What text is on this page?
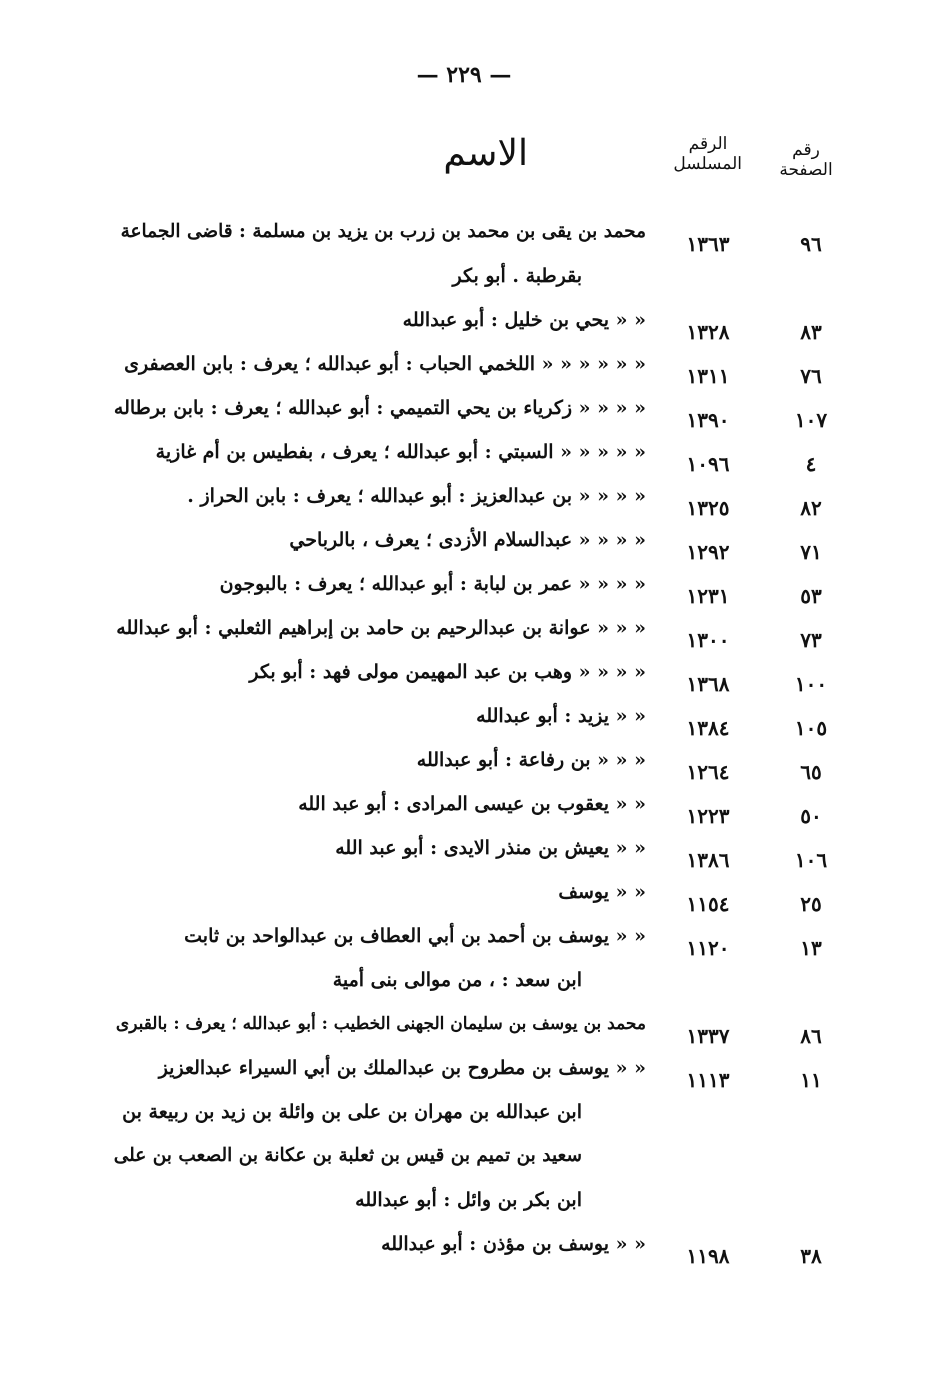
— ٢٢٩ —
رقم الصفحة
الرقم المسلسل
الاسم
٩٦
١٣٦٣
محمد بن يقى بن محمد بن زرب بن يزيد بن مسلمة : قاضى الجماعة
بقرطبة . أبو بكر
٨٣
١٣٢٨
« « يحي بن خليل : أبو عبدالله
٧٦
١٣١١
« « « « « « اللخمي الحباب : أبو عبدالله ؛ يعرف : بابن العصفرى
١٠٧
١٣٩٠
« « « « زكرياء بن يحي التميمي : أبو عبدالله ؛ يعرف : بابن برطاله
٤
١٠٩٦
« « « « « السبتي : أبو عبدالله ؛ يعرف ، بفطيس بن أم غازية
٨٢
١٣٢٥
« « « « بن عبدالعزيز : أبو عبدالله ؛ يعرف : بابن الحراز .
٧١
١٢٩٢
« « « « عبدالسلام الأزدى ؛ يعرف ، بالرباحي
٥٣
١٢٣١
« « « « عمر بن لبابة : أبو عبدالله ؛ يعرف : بالبوجون
٧٣
١٣٠٠
« « « عوانة بن عبدالرحيم بن حامد بن إبراهيم الثعلبي : أبو عبدالله
١٠٠
١٣٦٨
« « « « وهب بن عبد المهيمن مولى فهد : أبو بكر
١٠٥
١٣٨٤
« « يزيد : أبو عبدالله
٦٥
١٢٦٤
« « « بن رفاعة : أبو عبدالله
٥٠
١٢٢٣
« « يعقوب بن عيسى المرادى : أبو عبد الله
١٠٦
١٣٨٦
« « يعيش بن منذر الايدى : أبو عبد الله
٢٥
١١٥٤
« « يوسف
١٣
١١٢٠
« « يوسف بن أحمد بن أبي العطاف بن عبدالواحد بن ثابت
ابن سعد : ، من موالى بنى أمية
٨٦
١٣٣٧
محمد بن يوسف بن سليمان الجهنى الخطيب : أبو عبدالله ؛ يعرف : بالقبرى
١١
١١١٣
« « يوسف بن مطروح بن عبدالملك بن أبي السيراء عبدالعزيز
ابن عبدالله بن مهران بن على بن وائلة بن زيد بن ربيعة بن
سعيد بن تميم بن قيس بن ثعلبة بن عكانة بن الصعب بن على
ابن بكر بن وائل : أبو عبدالله
٣٨
١١٩٨
« « يوسف بن مؤذن : أبو عبدالله
